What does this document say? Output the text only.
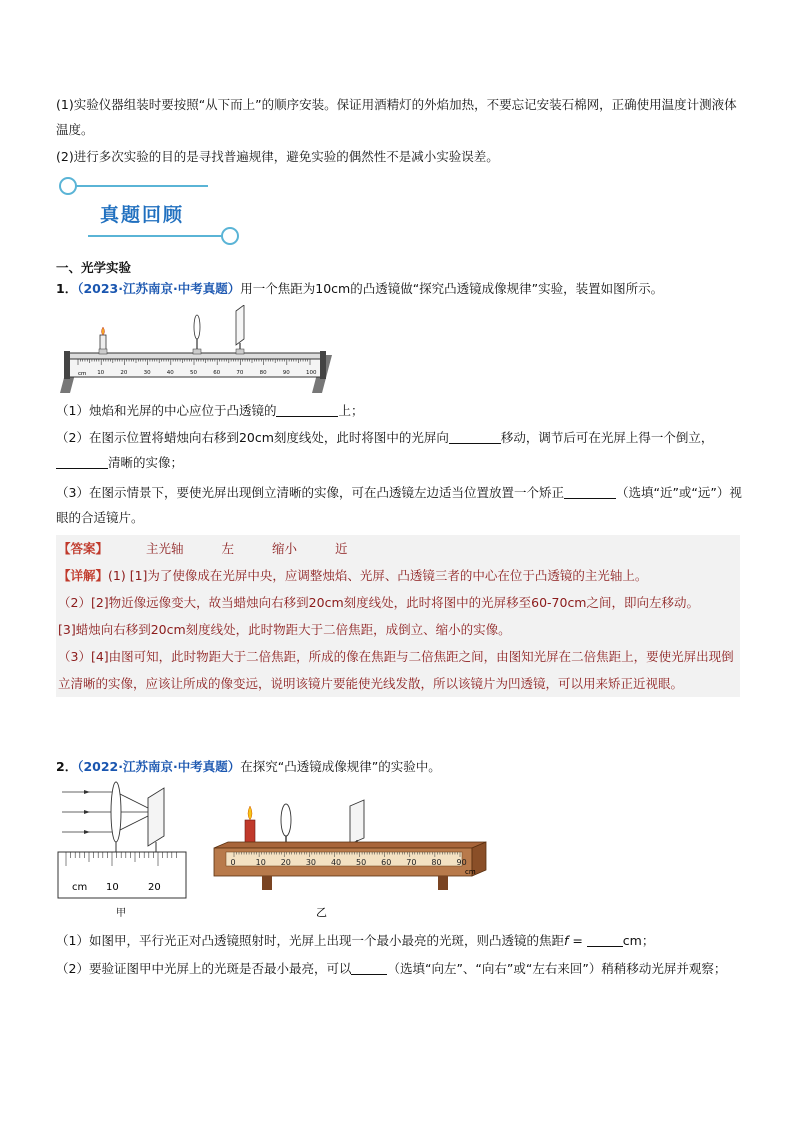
(1)实验仪器组装时要按照“从下而上”的顺序安装。保证用酒精灯的外焰加热，不要忘记安装石棉网，正确使用温度计测液体温度。

(2)进行多次实验的目的是寻找普遍规律，避免实验的偶然性不是减小实验误差。

真题回顾
一、光学实验

1．（2023·江苏南京·中考真题）用一个焦距为10cm的凸透镜做“探究凸透镜成像规律”实验，装置如图所示。

cm 10	20	30	40	50	60	70	80	90	100

（1）烛焰和光屏的中心应位于凸透镜的	上；

（2）在图示位置将蜡烛向右移到20cm刻度线处，此时将图中的光屏向	移动，调节后可在光屏上得一个倒立，清晰的实像；

（3）在图示情景下，要使光屏出现倒立清晰的实像，可在凸透镜左边适当位置放置一个矫正	（选填“近”或“远”）视眼的合适镜片。

【答案】	主光轴	左	缩小	近
【详解】(1) [1]为了使像成在光屏中央，应调整烛焰、光屏、凸透镜三者的中心在位于凸透镜的主光轴上。
（2）[2]物近像远像变大，故当蜡烛向右移到20cm刻度线处，此时将图中的光屏移至60-70cm之间，即向左移动。
[3]蜡烛向右移到20cm刻度线处，此时物距大于二倍焦距，成倒立、缩小的实像。
（3）[4]由图可知，此时物距大于二倍焦距，所成的像在焦距与二倍焦距之间，由图知光屏在二倍焦距上，要使光屏出现倒立清晰的实像，应该让所成的像变远，说明该镜片要能使光线发散，所以该镜片为凹透镜，可以用来矫正近视眼。

2．（2022·江苏南京·中考真题）在探究“凸透镜成像规律”的实验中。

cm 10	20
甲
0	10 20 30 40 50 60 70 80 90
cm
乙

（1）如图甲，平行光正对凸透镜照射时，光屏上出现一个最小最亮的光斑，则凸透镜的焦距f =	cm；

（2）要验证图甲中光屏上的光斑是否最小最亮，可以	（选填“向左”、“向右”或“左右来回”）稍稍移动光屏并观察；
